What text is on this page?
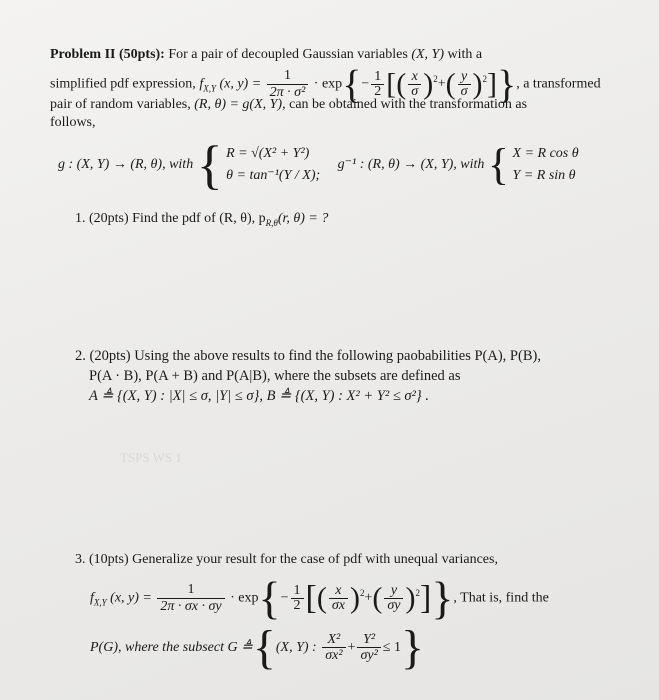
Problem II (50pts): For a pair of decoupled Gaussian variables (X, Y) with a
simplified pdf expression, $f_{X,Y}$ (x, $y) = \frac{1}{\text{2π · σ²}} \cdot \exp\{- \frac{1}{2}$ [( $\frac{x}{\sigma} )^2+( \frac{y}{\sigma} )^2$]}, a transformed
pair of random variables, (R, θ) = g(X, Y), can be obtained with the transformation as
follows,
g : (X, Y) → (R, θ), with { R = √(X² + Y²)
θ = tan⁻¹(Y / X);
g⁻¹ : (R, θ) → (X, Y), with { X = R cos θ
Y = R sin θ
1. (20pts) Find the pdf of (R, θ), $p_{R,\theta}(r$, θ) = ?
TSPS WS 1
2. (20pts) Using the above results to find the following paobabilities P(A), P(B),
P(A · B), P(A + B) and P(A|B), where the subsets are defined as
A ≜ {(X, Y) : |X| ≤ σ, |Y| ≤ σ}, B ≜ {(X, Y) : X² + Y² ≤ σ²} .
3. (10pts) Generalize your result for the case of pdf with unequal variances,
$f_{X,Y}$ (x, $y) = \frac{1}{2\pi \cdot \sigma x \cdot \sigma y} \cdot \exp\{- \frac{1}{2}$ [( $\frac{x}{\sigma x} )^2+( \frac{y}{\sigma y} )^2$]}, That is, find the
P(G), where the subsect G ≜{(X, Y) : $\frac{\text{X²}}{\text{σx²}} + \frac{\text{Y²}}{\text{σy²}} \le 1$}
